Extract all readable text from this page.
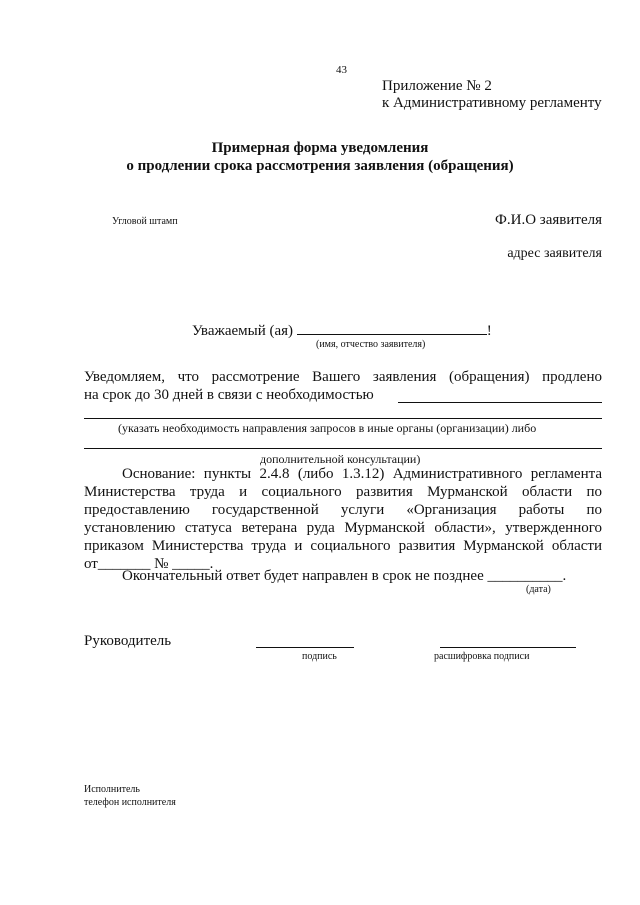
43
Приложение № 2
к Административному регламенту
Примерная форма уведомления
о продлении срока рассмотрения заявления (обращения)
Угловой штамп	Ф.И.О заявителя
адрес заявителя
Уважаемый (ая)	!
(имя, отчество заявителя)
Уведомляем, что рассмотрение Вашего заявления (обращения) продлено
на срок до 30 дней в связи с необходимостью
(указать необходимость направления запросов в иные органы (организации) либо
дополнительной консультации)
Основание: пункты 2.4.8 (либо 1.3.12) Административного регламента
Министерства труда и социального развития Мурманской области по
предоставлению государственной услуги «Организация работы по
установлению статуса ветерана руда Мурманской области», утвержденного
приказом Министерства труда и социального развития Мурманской области
от_______ № _____.
Окончательный ответ будет направлен в срок не позднее __________.
(дата)
Руководитель
подпись	расшифровка подписи
Исполнитель
телефон исполнителя
